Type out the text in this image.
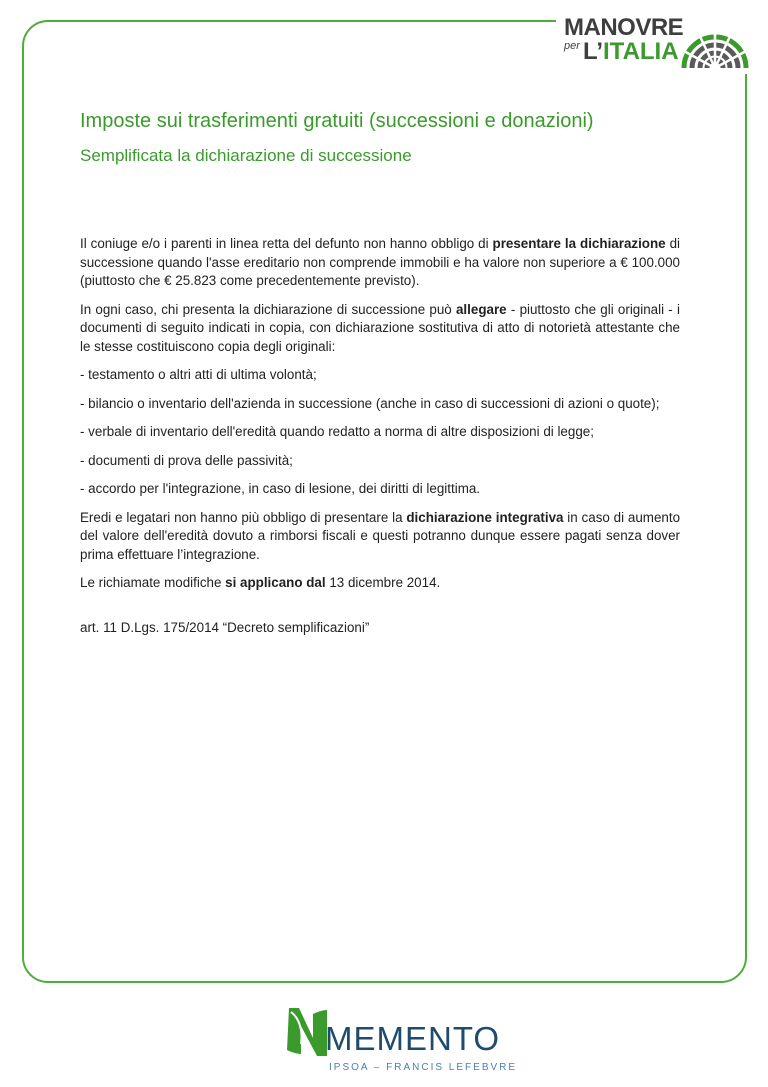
MANOVRE
per L’ITALIA
Imposte sui trasferimenti gratuiti (successioni e donazioni)
Semplificata la dichiarazione di successione

Il coniuge e/o i parenti in linea retta del defunto non hanno obbligo di presentare la dichiarazione di successione quando l'asse ereditario non comprende immobili e ha valore non superiore a € 100.000 (piuttosto che € 25.823 come precedentemente previsto).

In ogni caso, chi presenta la dichiarazione di successione può allegare - piuttosto che gli originali - i documenti di seguito indicati in copia, con dichiarazione sostitutiva di atto di notorietà attestante che le stesse costituiscono copia degli originali:

- testamento o altri atti di ultima volontà;

- bilancio o inventario dell'azienda in successione (anche in caso di successioni di azioni o quote);

- verbale di inventario dell'eredità quando redatto a norma di altre disposizioni di legge;

- documenti di prova delle passività;

- accordo per l'integrazione, in caso di lesione, dei diritti di legittima.

Eredi e legatari non hanno più obbligo di presentare la dichiarazione integrativa in caso di aumento del valore dell'eredità dovuto a rimborsi fiscali e questi potranno dunque essere pagati senza dover prima effettuare l’integrazione.

Le richiamate modifiche si applicano dal 13 dicembre 2014.

art. 11 D.Lgs. 175/2014 “Decreto semplificazioni”

MEMENTO
IPSOA – FRANCIS LEFEBVRE
